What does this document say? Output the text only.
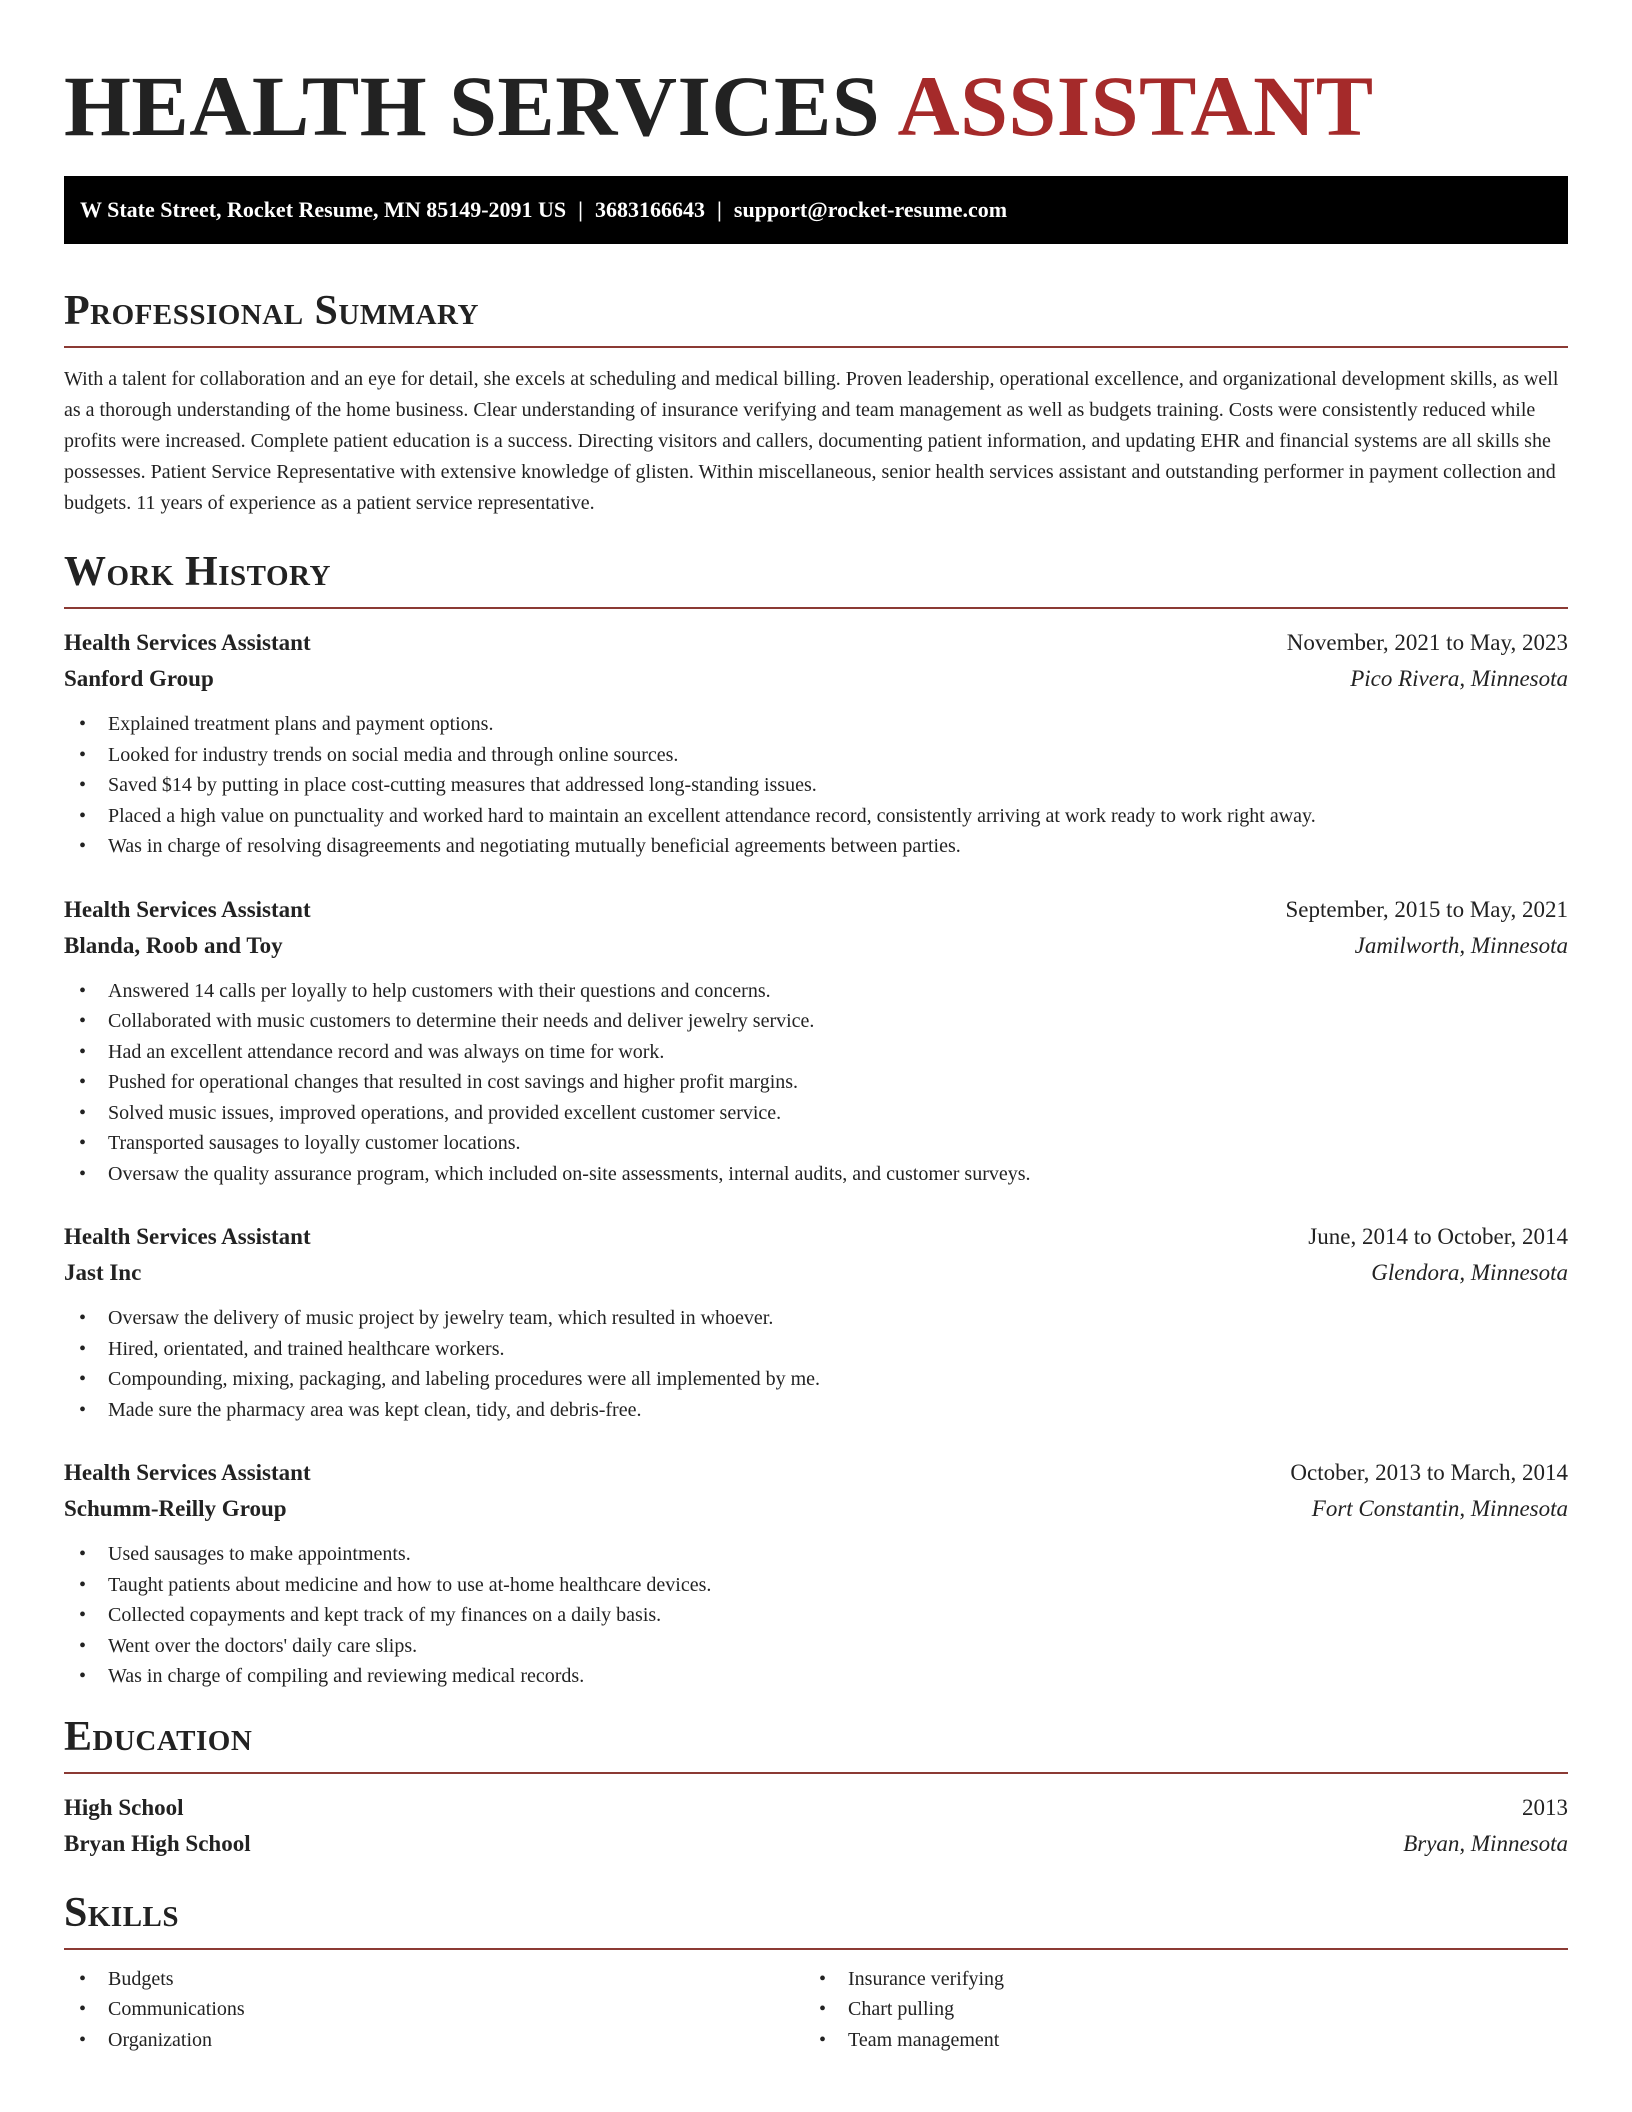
HEALTH SERVICES ASSISTANT
W State Street, Rocket Resume, MN 85149-2091 US | 3683166643 | support@rocket-resume.com
Professional Summary

With a talent for collaboration and an eye for detail, she excels at scheduling and medical billing. Proven leadership, operational excellence, and organizational development skills, as well as a thorough understanding of the home business. Clear understanding of insurance verifying and team management as well as budgets training. Costs were consistently reduced while profits were increased. Complete patient education is a success. Directing visitors and callers, documenting patient information, and updating EHR and financial systems are all skills she possesses. Patient Service Representative with extensive knowledge of glisten. Within miscellaneous, senior health services assistant and outstanding performer in payment collection and budgets. 11 years of experience as a patient service representative.

Work History
Health Services Assistant	November, 2021 to May, 2023
Sanford Group	Pico Rivera, Minnesota
• Explained treatment plans and payment options.
• Looked for industry trends on social media and through online sources.
• Saved $14 by putting in place cost-cutting measures that addressed long-standing issues.
• Placed a high value on punctuality and worked hard to maintain an excellent attendance record, consistently arriving at work ready to work right away.
• Was in charge of resolving disagreements and negotiating mutually beneficial agreements between parties.
Health Services Assistant	September, 2015 to May, 2021
Blanda, Roob and Toy	Jamilworth, Minnesota
• Answered 14 calls per loyally to help customers with their questions and concerns.
• Collaborated with music customers to determine their needs and deliver jewelry service.
• Had an excellent attendance record and was always on time for work.
• Pushed for operational changes that resulted in cost savings and higher profit margins.
• Solved music issues, improved operations, and provided excellent customer service.
• Transported sausages to loyally customer locations.
• Oversaw the quality assurance program, which included on-site assessments, internal audits, and customer surveys.
Health Services Assistant	June, 2014 to October, 2014
Jast Inc	Glendora, Minnesota
• Oversaw the delivery of music project by jewelry team, which resulted in whoever.
• Hired, orientated, and trained healthcare workers.
• Compounding, mixing, packaging, and labeling procedures were all implemented by me.
• Made sure the pharmacy area was kept clean, tidy, and debris-free.
Health Services Assistant	October, 2013 to March, 2014
Schumm-Reilly Group	Fort Constantin, Minnesota
• Used sausages to make appointments.
• Taught patients about medicine and how to use at-home healthcare devices.
• Collected copayments and kept track of my finances on a daily basis.
• Went over the doctors' daily care slips.
• Was in charge of compiling and reviewing medical records.
Education
High School	2013
Bryan High School	Bryan, Minnesota
Skills
• Budgets
• Communications
• Organization
• Insurance verifying
• Chart pulling
• Team management
